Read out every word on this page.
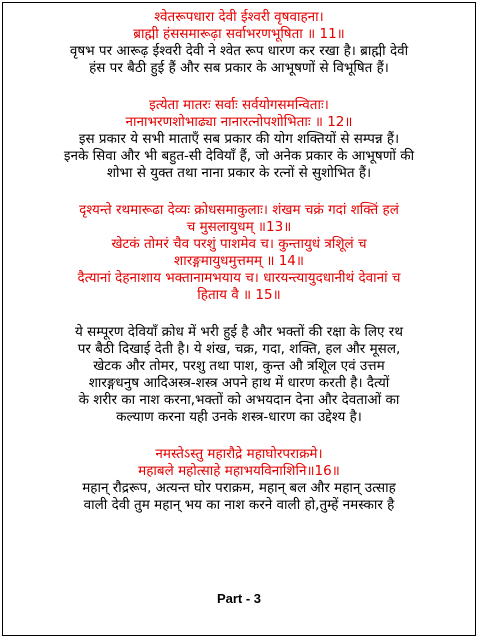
श्वेतरूपधारा देवी ईश्वरी वृषवाहना।

ब्राह्मी हंससमारूढ़ा सर्वाभरणभूषिता ॥ 11॥

वृषभ पर आरूढ़ ईश्वरी देवी ने श्वेत रूप धारण कर रखा है। ब्राह्मी देवी

हंस पर बैठी हुई हैं और सब प्रकार के आभूषणों से विभूषित हैं।

इत्येता मातरः सर्वाः सर्वयोगसमन्विताः।

नानाभरणशोभाढ्या नानारत्नोपशोभिताः ॥ 12॥

इस प्रकार ये सभी माताएँ सब प्रकार की योग शक्तियों से सम्पन्न हैं।

इनके सिवा और भी बहुत-सी देवियाँ हैं, जो अनेक प्रकार के आभूषणों की

शोभा से युक्त तथा नाना प्रकार के रत्नों से सुशोभित हैं।

दृश्यन्ते रथमारूढा देव्यः क्रोधसमाकुलाः। शंखम चक्रं गदां शक्तिं हलं

च मुसलायुधम् ॥13॥

खेटकं तोमरं चैव परशुं पाशमेव च। कुन्तायुधं त्रशिूलं च

शारङ्गमायुधमुत्तमम् ॥ 14॥

दैत्यानां देहनाशाय भक्तानामभयाय च। धारयन्त्यायुदधानीथं देवानां च

हिताय वै ॥ 15॥

ये सम्पूरण देवियाँ क्रोध में भरी हुई है और भक्तों की रक्षा के लिए रथ

पर बैठी दिखाई देती है। ये शंख, चक्र, गदा, शक्ति, हल और मूसल,

खेटक और तोमर, परशु तथा पाश, कुन्त औ त्रशूिल एवं उत्तम

शारङ्गधनुष आदिअस्त्र-शस्त्र अपने हाथ में धारण करती है। दैत्यों

के शरीर का नाश करना,भक्तों को अभयदान देना और देवताओं का

कल्याण करना यही उनके शस्त्र-धारण का उद्देश्य है।

नमस्तेऽस्तु महारौद्रे महाघोरपराक्रमे।

महाबले महोत्साहे महाभयविनाशिनि॥16॥

महान् रौद्ररूप, अत्यन्त घोर पराक्रम, महान् बल और महान् उत्साह

वाली देवी तुम महान् भय का नाश करने वाली हो,तुम्हें नमस्कार है

Part - 3
